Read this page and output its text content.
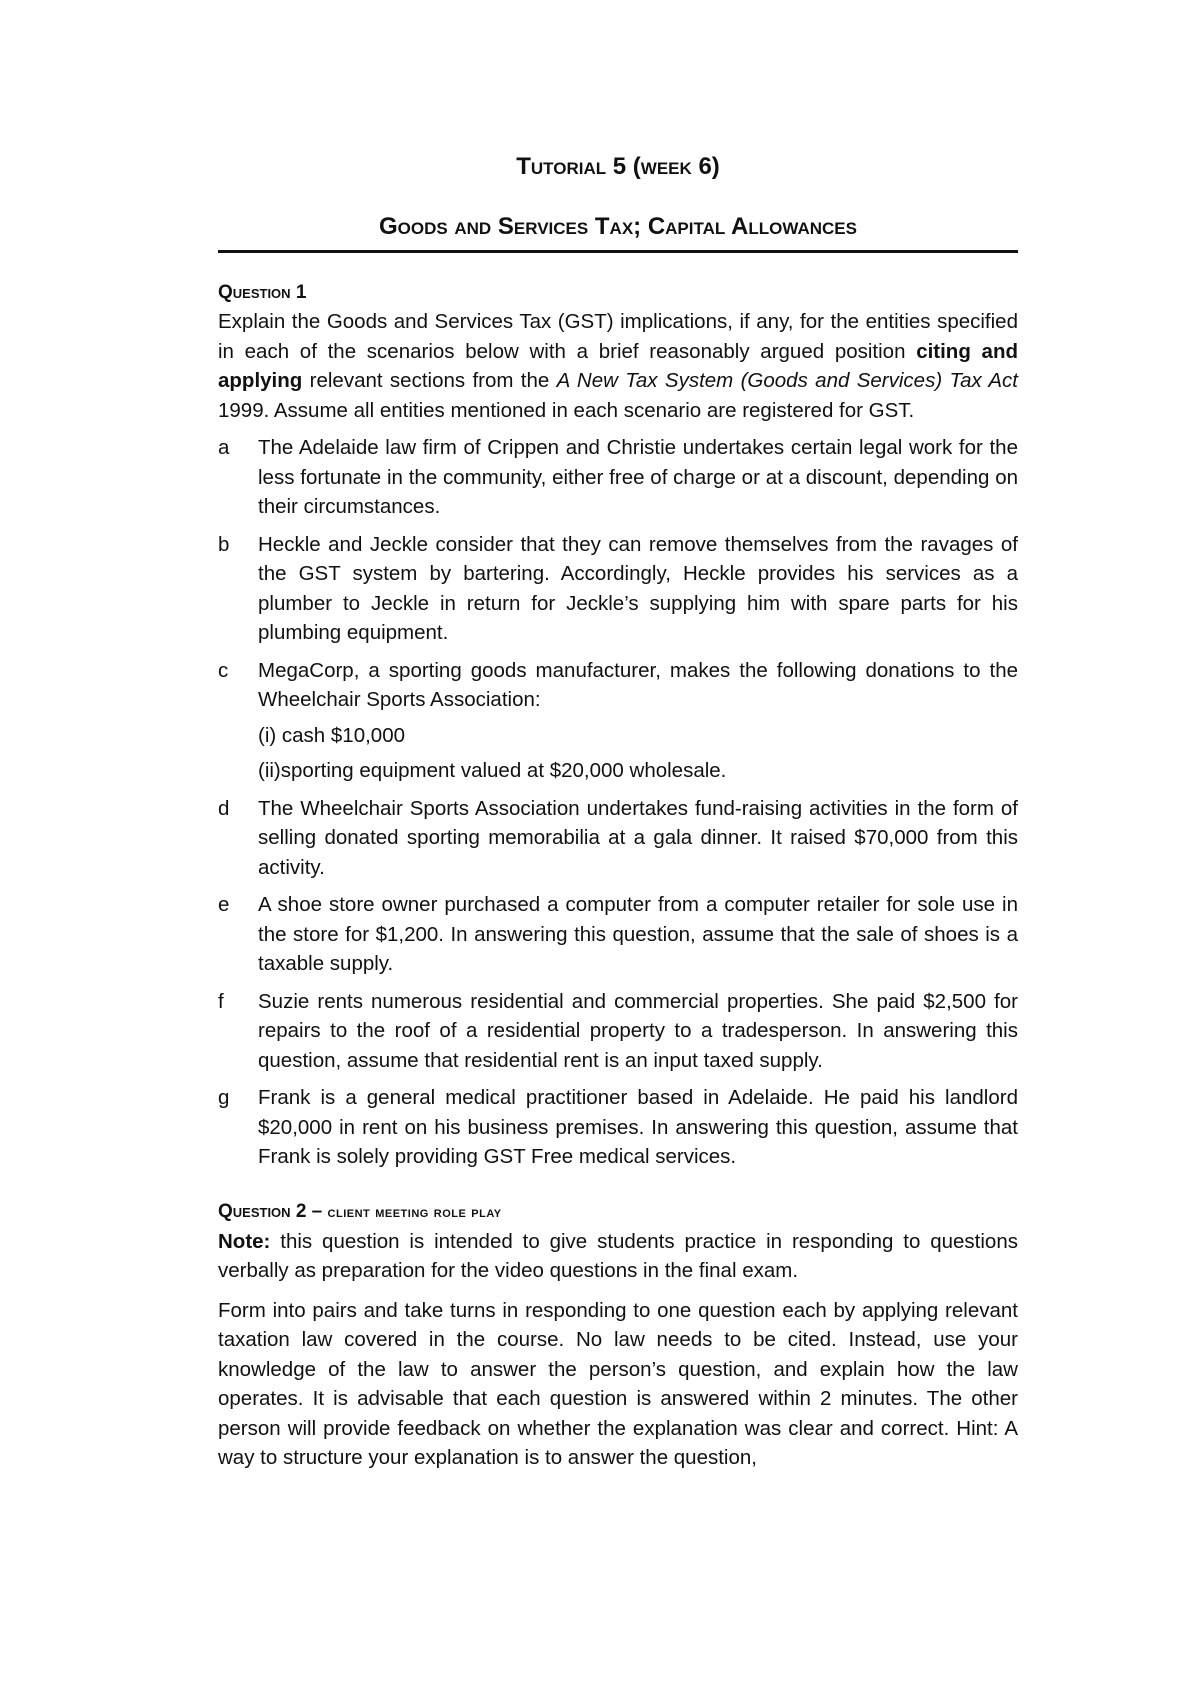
Tutorial 5 (week 6)
Goods and Services Tax; Capital Allowances
Question 1

Explain the Goods and Services Tax (GST) implications, if any, for the entities specified in each of the scenarios below with a brief reasonably argued position citing and applying relevant sections from the A New Tax System (Goods and Services) Tax Act 1999. Assume all entities mentioned in each scenario are registered for GST.

a	The Adelaide law firm of Crippen and Christie undertakes certain legal work for the less fortunate in the community, either free of charge or at a discount, depending on their circumstances.

b	Heckle and Jeckle consider that they can remove themselves from the ravages of the GST system by bartering. Accordingly, Heckle provides his services as a plumber to Jeckle in return for Jeckle’s supplying him with spare parts for his plumbing equipment.

c	MegaCorp, a sporting goods manufacturer, makes the following donations to the Wheelchair Sports Association:

(i) cash $10,000
(ii)sporting equipment valued at $20,000 wholesale.
d	The Wheelchair Sports Association undertakes fund-raising activities in the form of selling donated sporting memorabilia at a gala dinner. It raised $70,000 from this activity.

e	A shoe store owner purchased a computer from a computer retailer for sole use in the store for $1,200. In answering this question, assume that the sale of shoes is a taxable supply.

f	Suzie rents numerous residential and commercial properties. She paid $2,500 for repairs to the roof of a residential property to a tradesperson. In answering this question, assume that residential rent is an input taxed supply.

g	Frank is a general medical practitioner based in Adelaide. He paid his landlord $20,000 in rent on his business premises. In answering this question, assume that Frank is solely providing GST Free medical services.

Question 2 – client meeting role play

Note: this question is intended to give students practice in responding to questions verbally as preparation for the video questions in the final exam.

Form into pairs and take turns in responding to one question each by applying relevant taxation law covered in the course. No law needs to be cited. Instead, use your knowledge of the law to answer the person’s question, and explain how the law operates. It is advisable that each question is answered within 2 minutes. The other person will provide feedback on whether the explanation was clear and correct. Hint: A way to structure your explanation is to answer the question,
